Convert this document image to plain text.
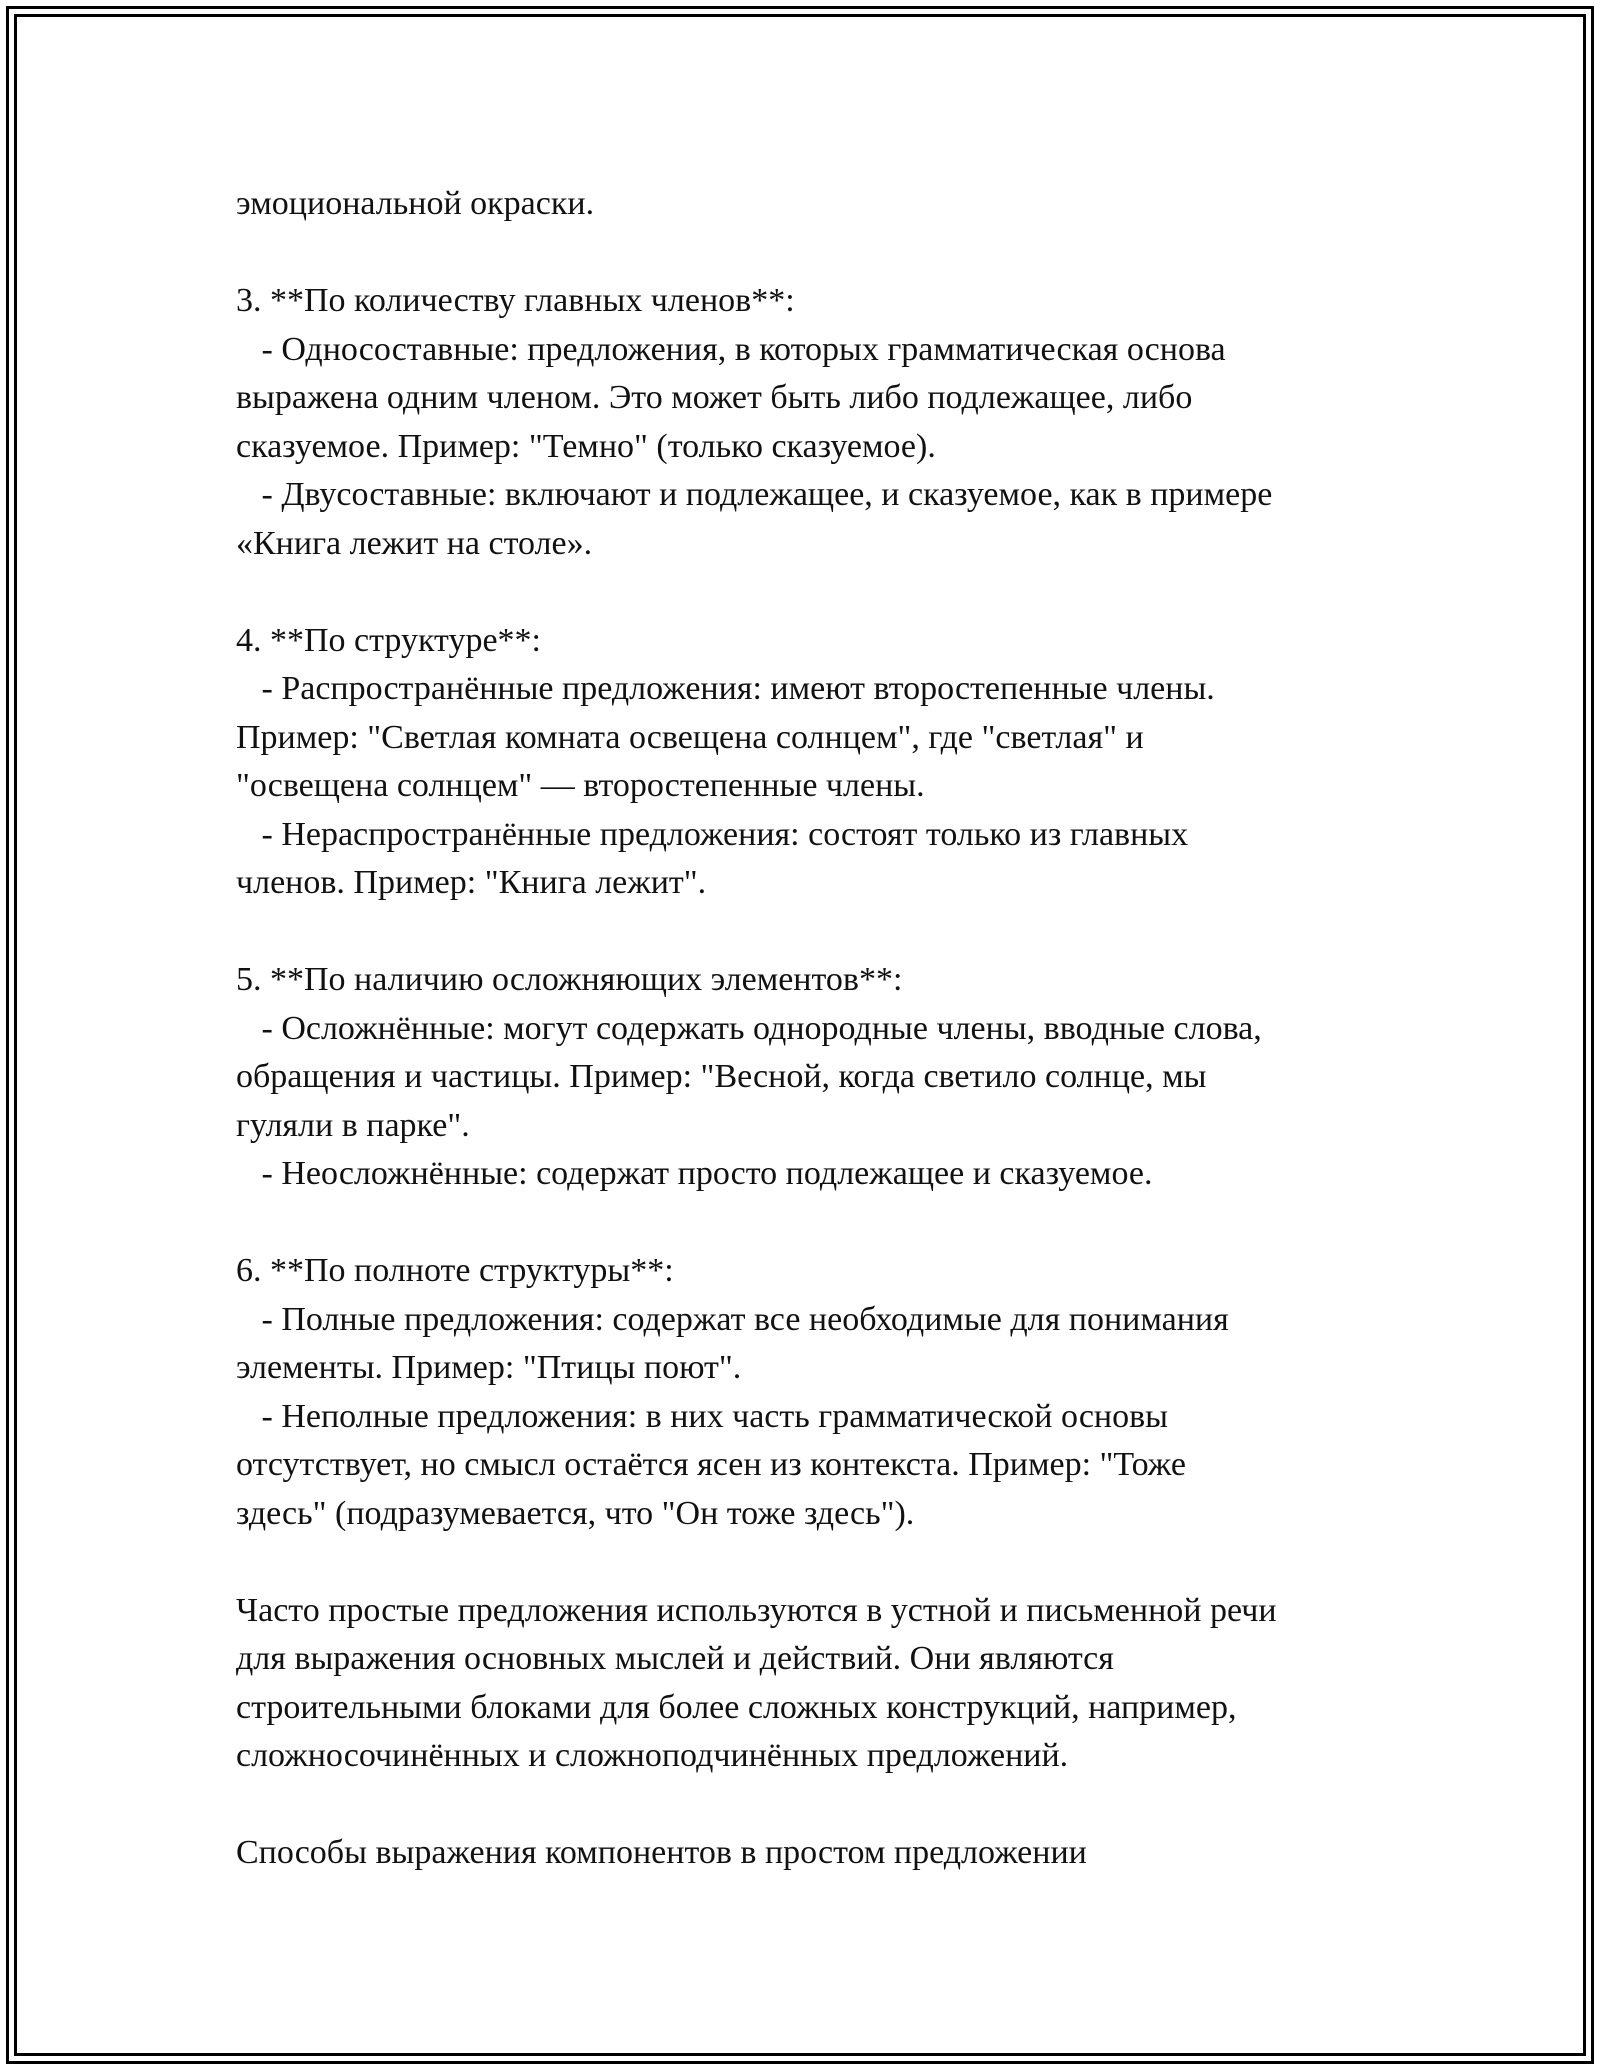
эмоциональной окраски.
3. **По количеству главных членов**:
- Односоставные: предложения, в которых грамматическая основа
выражена одним членом. Это может быть либо подлежащее, либо
сказуемое. Пример: "Темно" (только сказуемое).
- Двусоставные: включают и подлежащее, и сказуемое, как в примере
«Книга лежит на столе».
4. **По структуре**:
- Распространённые предложения: имеют второстепенные члены.
Пример: "Светлая комната освещена солнцем", где "светлая" и
"освещена солнцем" — второстепенные члены.
- Нераспространённые предложения: состоят только из главных
членов. Пример: "Книга лежит".
5. **По наличию осложняющих элементов**:
- Осложнённые: могут содержать однородные члены, вводные слова,
обращения и частицы. Пример: "Весной, когда светило солнце, мы
гуляли в парке".
- Неосложнённые: содержат просто подлежащее и сказуемое.
6. **По полноте структуры**:
- Полные предложения: содержат все необходимые для понимания
элементы. Пример: "Птицы поют".
- Неполные предложения: в них часть грамматической основы
отсутствует, но смысл остаётся ясен из контекста. Пример: "Тоже
здесь" (подразумевается, что "Он тоже здесь").
Часто простые предложения используются в устной и письменной речи
для выражения основных мыслей и действий. Они являются
строительными блоками для более сложных конструкций, например,
сложносочинённых и сложноподчинённых предложений.
Способы выражения компонентов в простом предложении
